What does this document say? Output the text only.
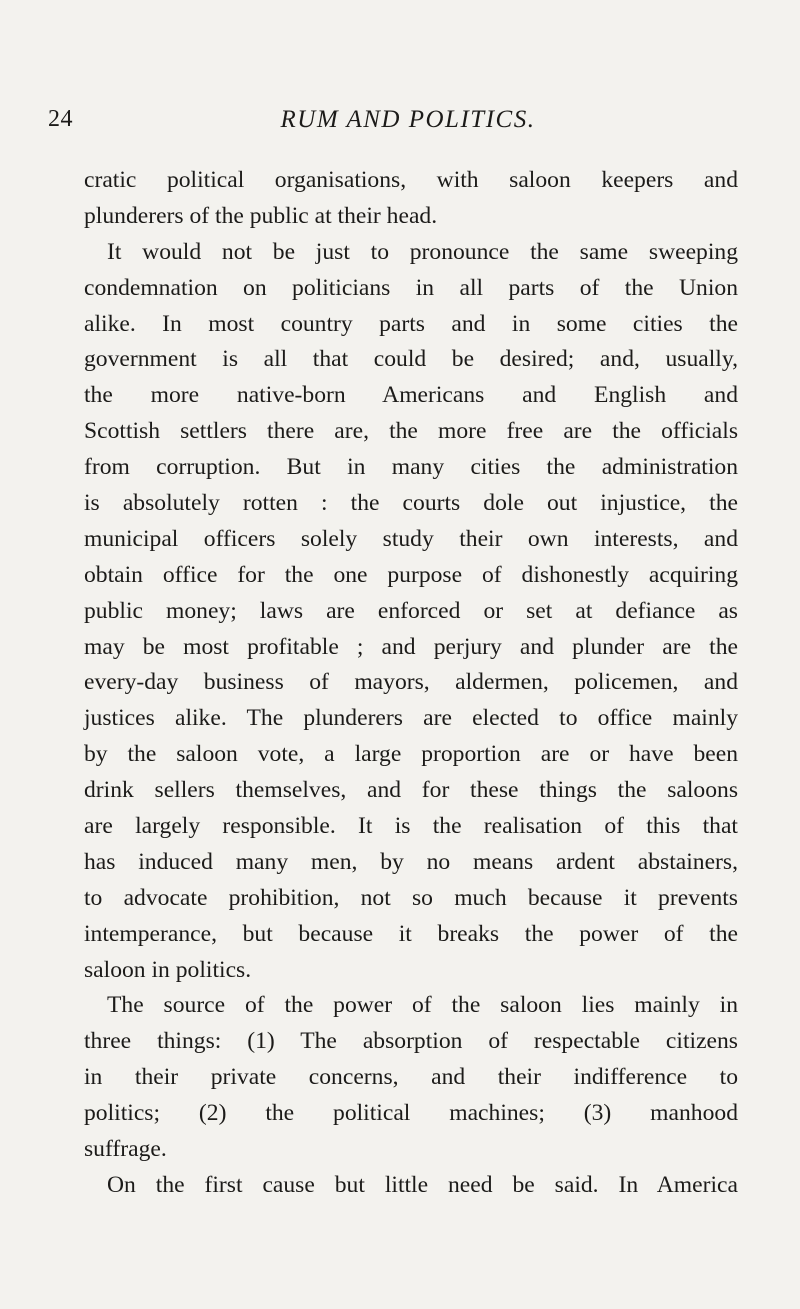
24	RUM AND POLITICS.
cratic political organisations, with saloon keepers and
plunderers of the public at their head.
It would not be just to pronounce the same sweeping
condemnation on politicians in all parts of the Union
alike. In most country parts and in some cities the
government is all that could be desired; and, usually,
the more native-born Americans and English and
Scottish settlers there are, the more free are the officials
from corruption. But in many cities the administration
is absolutely rotten : the courts dole out injustice, the
municipal officers solely study their own interests, and
obtain office for the one purpose of dishonestly acquiring
public money; laws are enforced or set at defiance as
may be most profitable ; and perjury and plunder are the
every-day business of mayors, aldermen, policemen, and
justices alike. The plunderers are elected to office mainly
by the saloon vote, a large proportion are or have been
drink sellers themselves, and for these things the saloons
are largely responsible. It is the realisation of this that
has induced many men, by no means ardent abstainers,
to advocate prohibition, not so much because it prevents
intemperance, but because it breaks the power of the
saloon in politics.
The source of the power of the saloon lies mainly in
three things: (1) The absorption of respectable citizens
in their private concerns, and their indifference to
politics; (2) the political machines; (3) manhood
suffrage.
On the first cause but little need be said. In America
